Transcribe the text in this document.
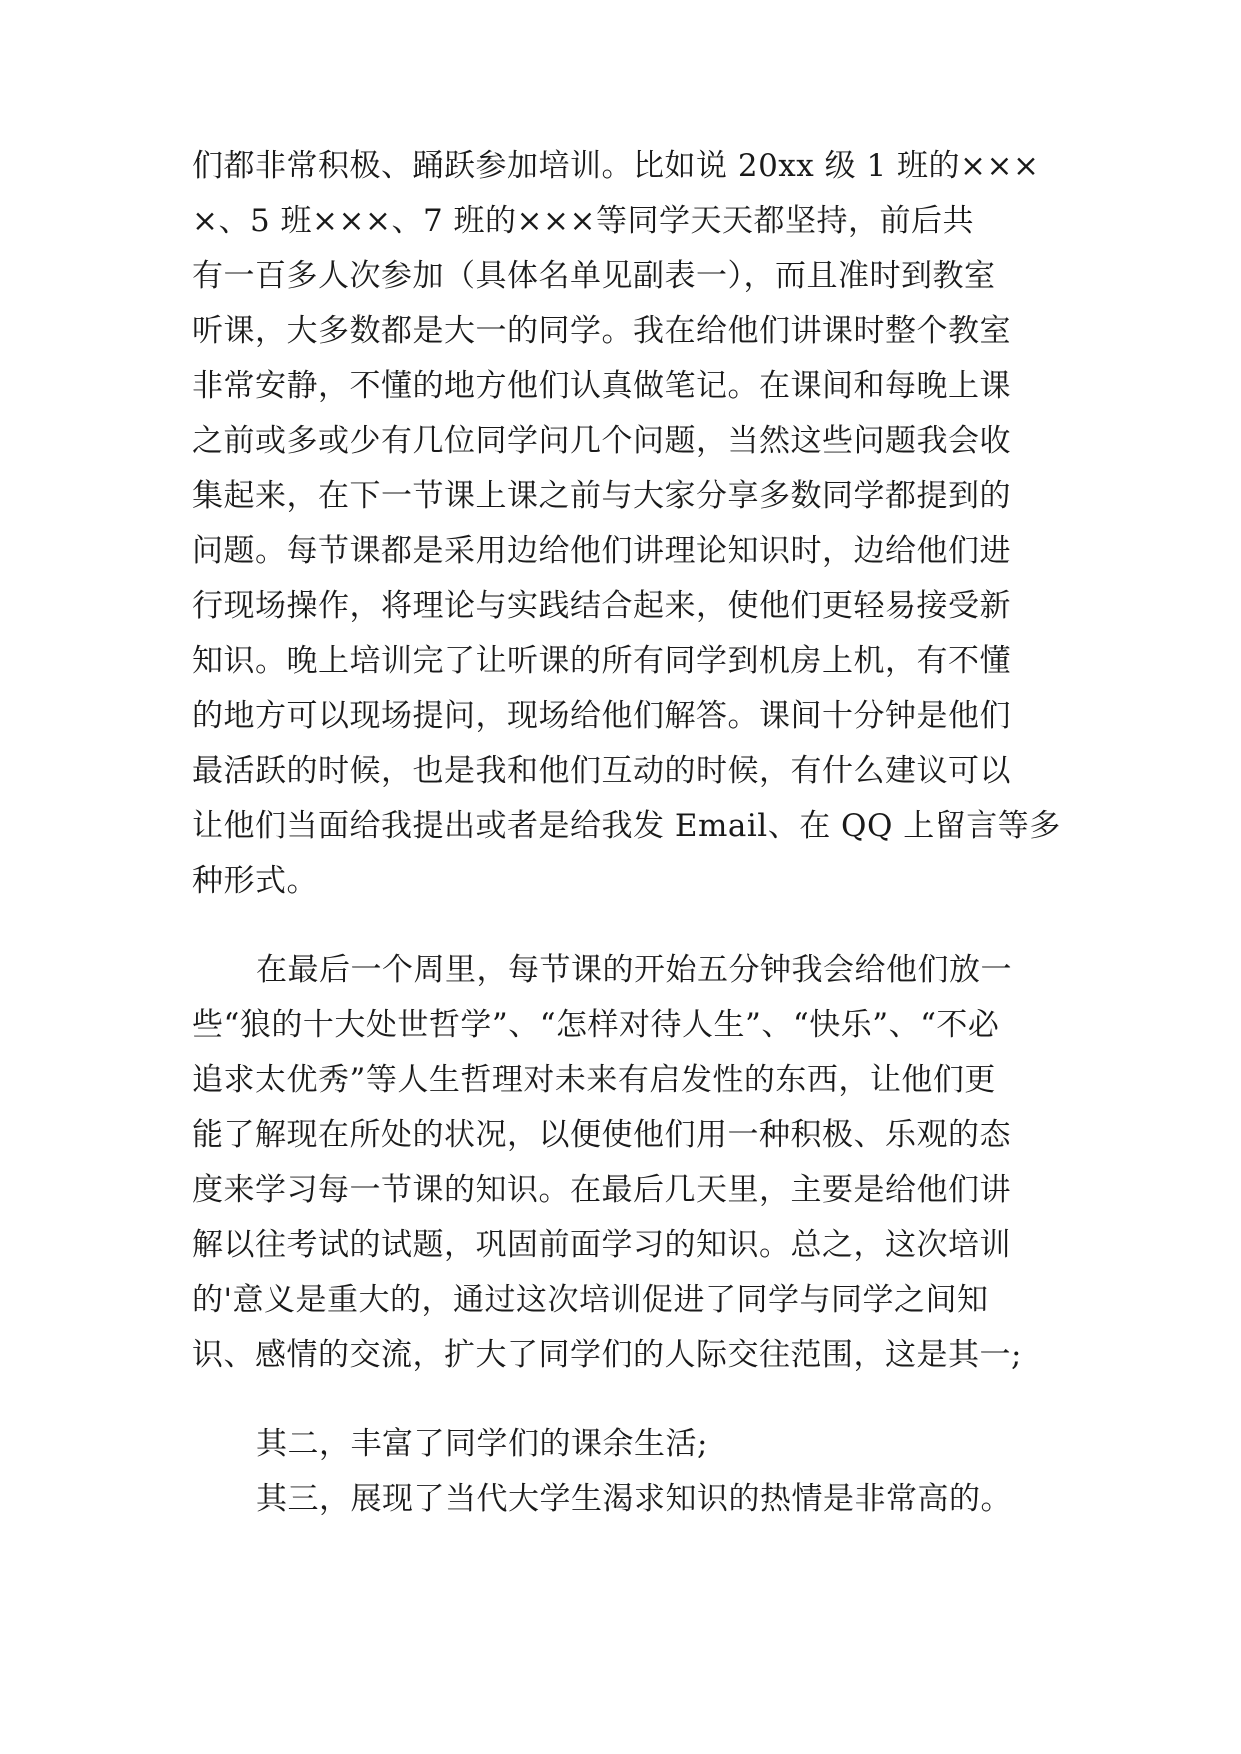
们都非常积极、踊跃参加培训。比如说 20xx 级 1 班的×××
×、5 班×××、7 班的×××等同学天天都坚持，前后共
有一百多人次参加（具体名单见副表一），而且准时到教室
听课，大多数都是大一的同学。我在给他们讲课时整个教室
非常安静，不懂的地方他们认真做笔记。在课间和每晚上课
之前或多或少有几位同学问几个问题，当然这些问题我会收
集起来，在下一节课上课之前与大家分享多数同学都提到的
问题。每节课都是采用边给他们讲理论知识时，边给他们进
行现场操作，将理论与实践结合起来，使他们更轻易接受新
知识。晚上培训完了让听课的所有同学到机房上机，有不懂
的地方可以现场提问，现场给他们解答。课间十分钟是他们
最活跃的时候，也是我和他们互动的时候，有什么建议可以
让他们当面给我提出或者是给我发 Email、在 QQ 上留言等多
种形式。
在最后一个周里，每节课的开始五分钟我会给他们放一
些“狼的十大处世哲学”、“怎样对待人生”、“快乐”、“不必
追求太优秀”等人生哲理对未来有启发性的东西，让他们更
能了解现在所处的状况，以便使他们用一种积极、乐观的态
度来学习每一节课的知识。在最后几天里，主要是给他们讲
解以往考试的试题，巩固前面学习的知识。总之，这次培训
的'意义是重大的，通过这次培训促进了同学与同学之间知
识、感情的交流，扩大了同学们的人际交往范围，这是其一;
其二，丰富了同学们的课余生活;
其三，展现了当代大学生渴求知识的热情是非常高的。
